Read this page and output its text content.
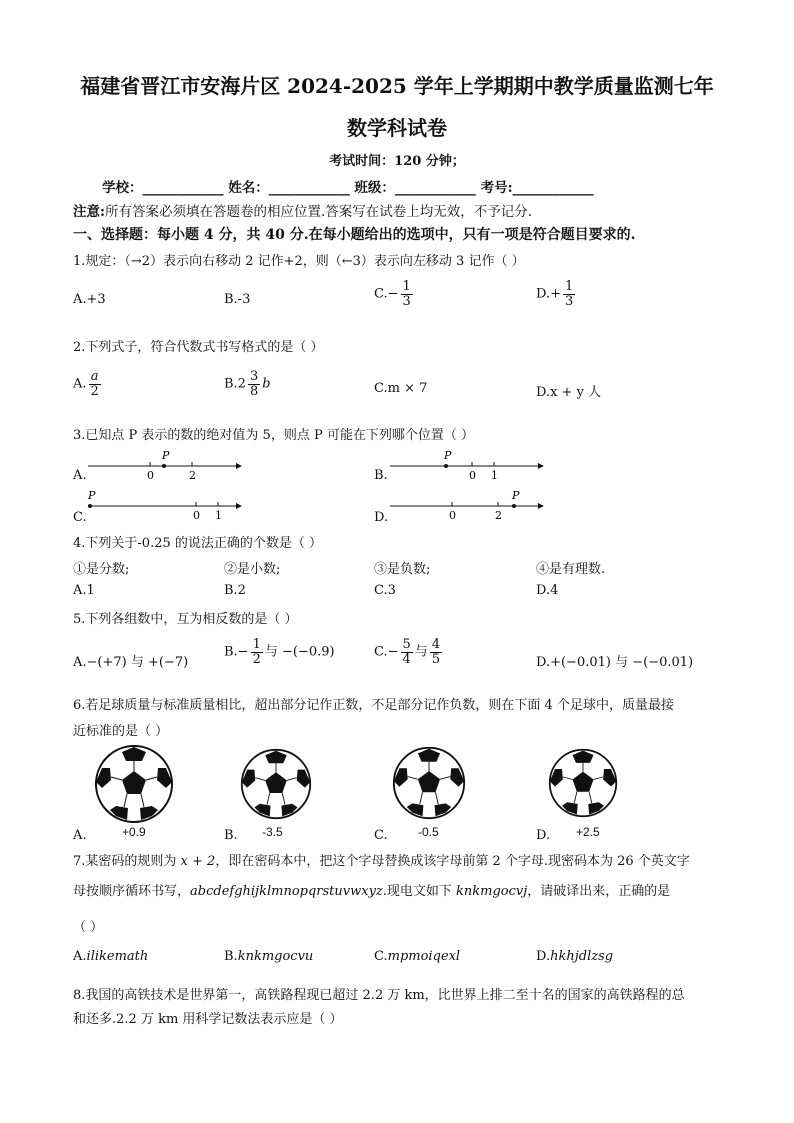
福建省晋江市安海片区 2024-2025 学年上学期期中教学质量监测七年
数学科试卷
考试时间：120 分钟；
学校：____________ 姓名：____________ 班级：____________ 考号:____________
注意:所有答案必须填在答题卷的相应位置.答案写在试卷上均无效，不予记分.
一、选择题：每小题 4 分，共 40 分.在每小题给出的选项中，只有一项是符合题目要求的.
1.规定：（→2）表示向右移动 2 记作+2，则（←3）表示向左移动 3 记作（ ）
A.+3	B.-3	$C.- \frac{1}{3}$	$D.+ \frac{1}{3}$
2.下列式子，符合代数式书写格式的是（ ）
A. $\frac{a}{2}$	$B.2 \frac{3}{8}$ b	C.m × 7	D.x + y 人
3.已知点 P 表示的数的绝对值为 5，则点 P 可能在下列哪个位置（ ）
A.
P
0	2	B.
P
0 1
C.
P
0 1	D.
P
0	2
4.下列关于-0.25 的说法正确的个数是（ ）
①是分数;	②是小数;	③是负数;	④是有理数.
A.1	B.2	C.3	D.4
5.下列各组数中，互为相反数的是（ ）
A.−(+7) 与 +(−7)
$B.- \frac{1}{2}$ 与 −(−0.9)	$C.- \frac{5}{4}$ 与 $\frac{4}{5}$	D.+(−0.01) 与 −(−0.01)
6.若足球质量与标准质量相比，超出部分记作正数，不足部分记作负数，则在下面 4 个足球中，质量最接
近标准的是（ ）
A.	+0.9	B. -3.5	C.	-0.5	D. +2.5
7.某密码的规则为 x + 2，即在密码本中，把这个字母替换成该字母前第 2 个字母.现密码本为 26 个英文字
母按顺序循环书写，abcdefghijklmnopqrstuvwxyz.现电文如下 knkmgocvj，请破译出来，正确的是
（ ）
A.ilikemath	B.knkmgocvu	C.mpmoiqexl	D.hkhjdlzsg
8.我国的高铁技术是世界第一，高铁路程现已超过 2.2 万 km，比世界上排二至十名的国家的高铁路程的总
和还多.2.2 万 km 用科学记数法表示应是（ ）
